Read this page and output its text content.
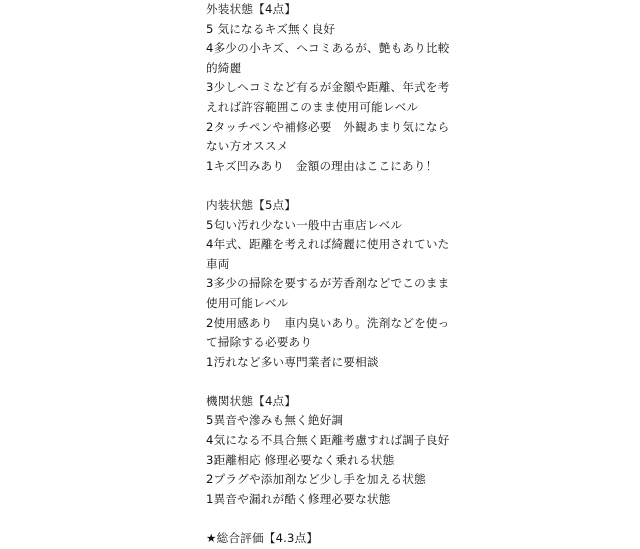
外装状態【4点】
5 気になるキズ無く良好
4多少の小キズ、ヘコミあるが、艶もあり比較
的綺麗
3少しヘコミなど有るが金額や距離、年式を考
えれば許容範囲このまま使用可能レベル
2タッチペンや補修必要　外観あまり気になら
ない方オススメ
1キズ凹みあり　金額の理由はここにあり！
内装状態【5点】
5匂い汚れ少ない一般中古車店レベル
4年式、距離を考えれば綺麗に使用されていた
車両
3多少の掃除を要するが芳香剤などでこのまま
使用可能レベル
2使用感あり　車内臭いあり。洗剤などを使っ
て掃除する必要あり
1汚れなど多い専門業者に要相談
機関状態【4点】
5異音や滲みも無く絶好調
4気になる不具合無く距離考慮すれば調子良好
3距離相応 修理必要なく乗れる状態
2プラグや添加剤など少し手を加える状態
1異音や漏れが酷く修理必要な状態
★総合評価【4.3点】
